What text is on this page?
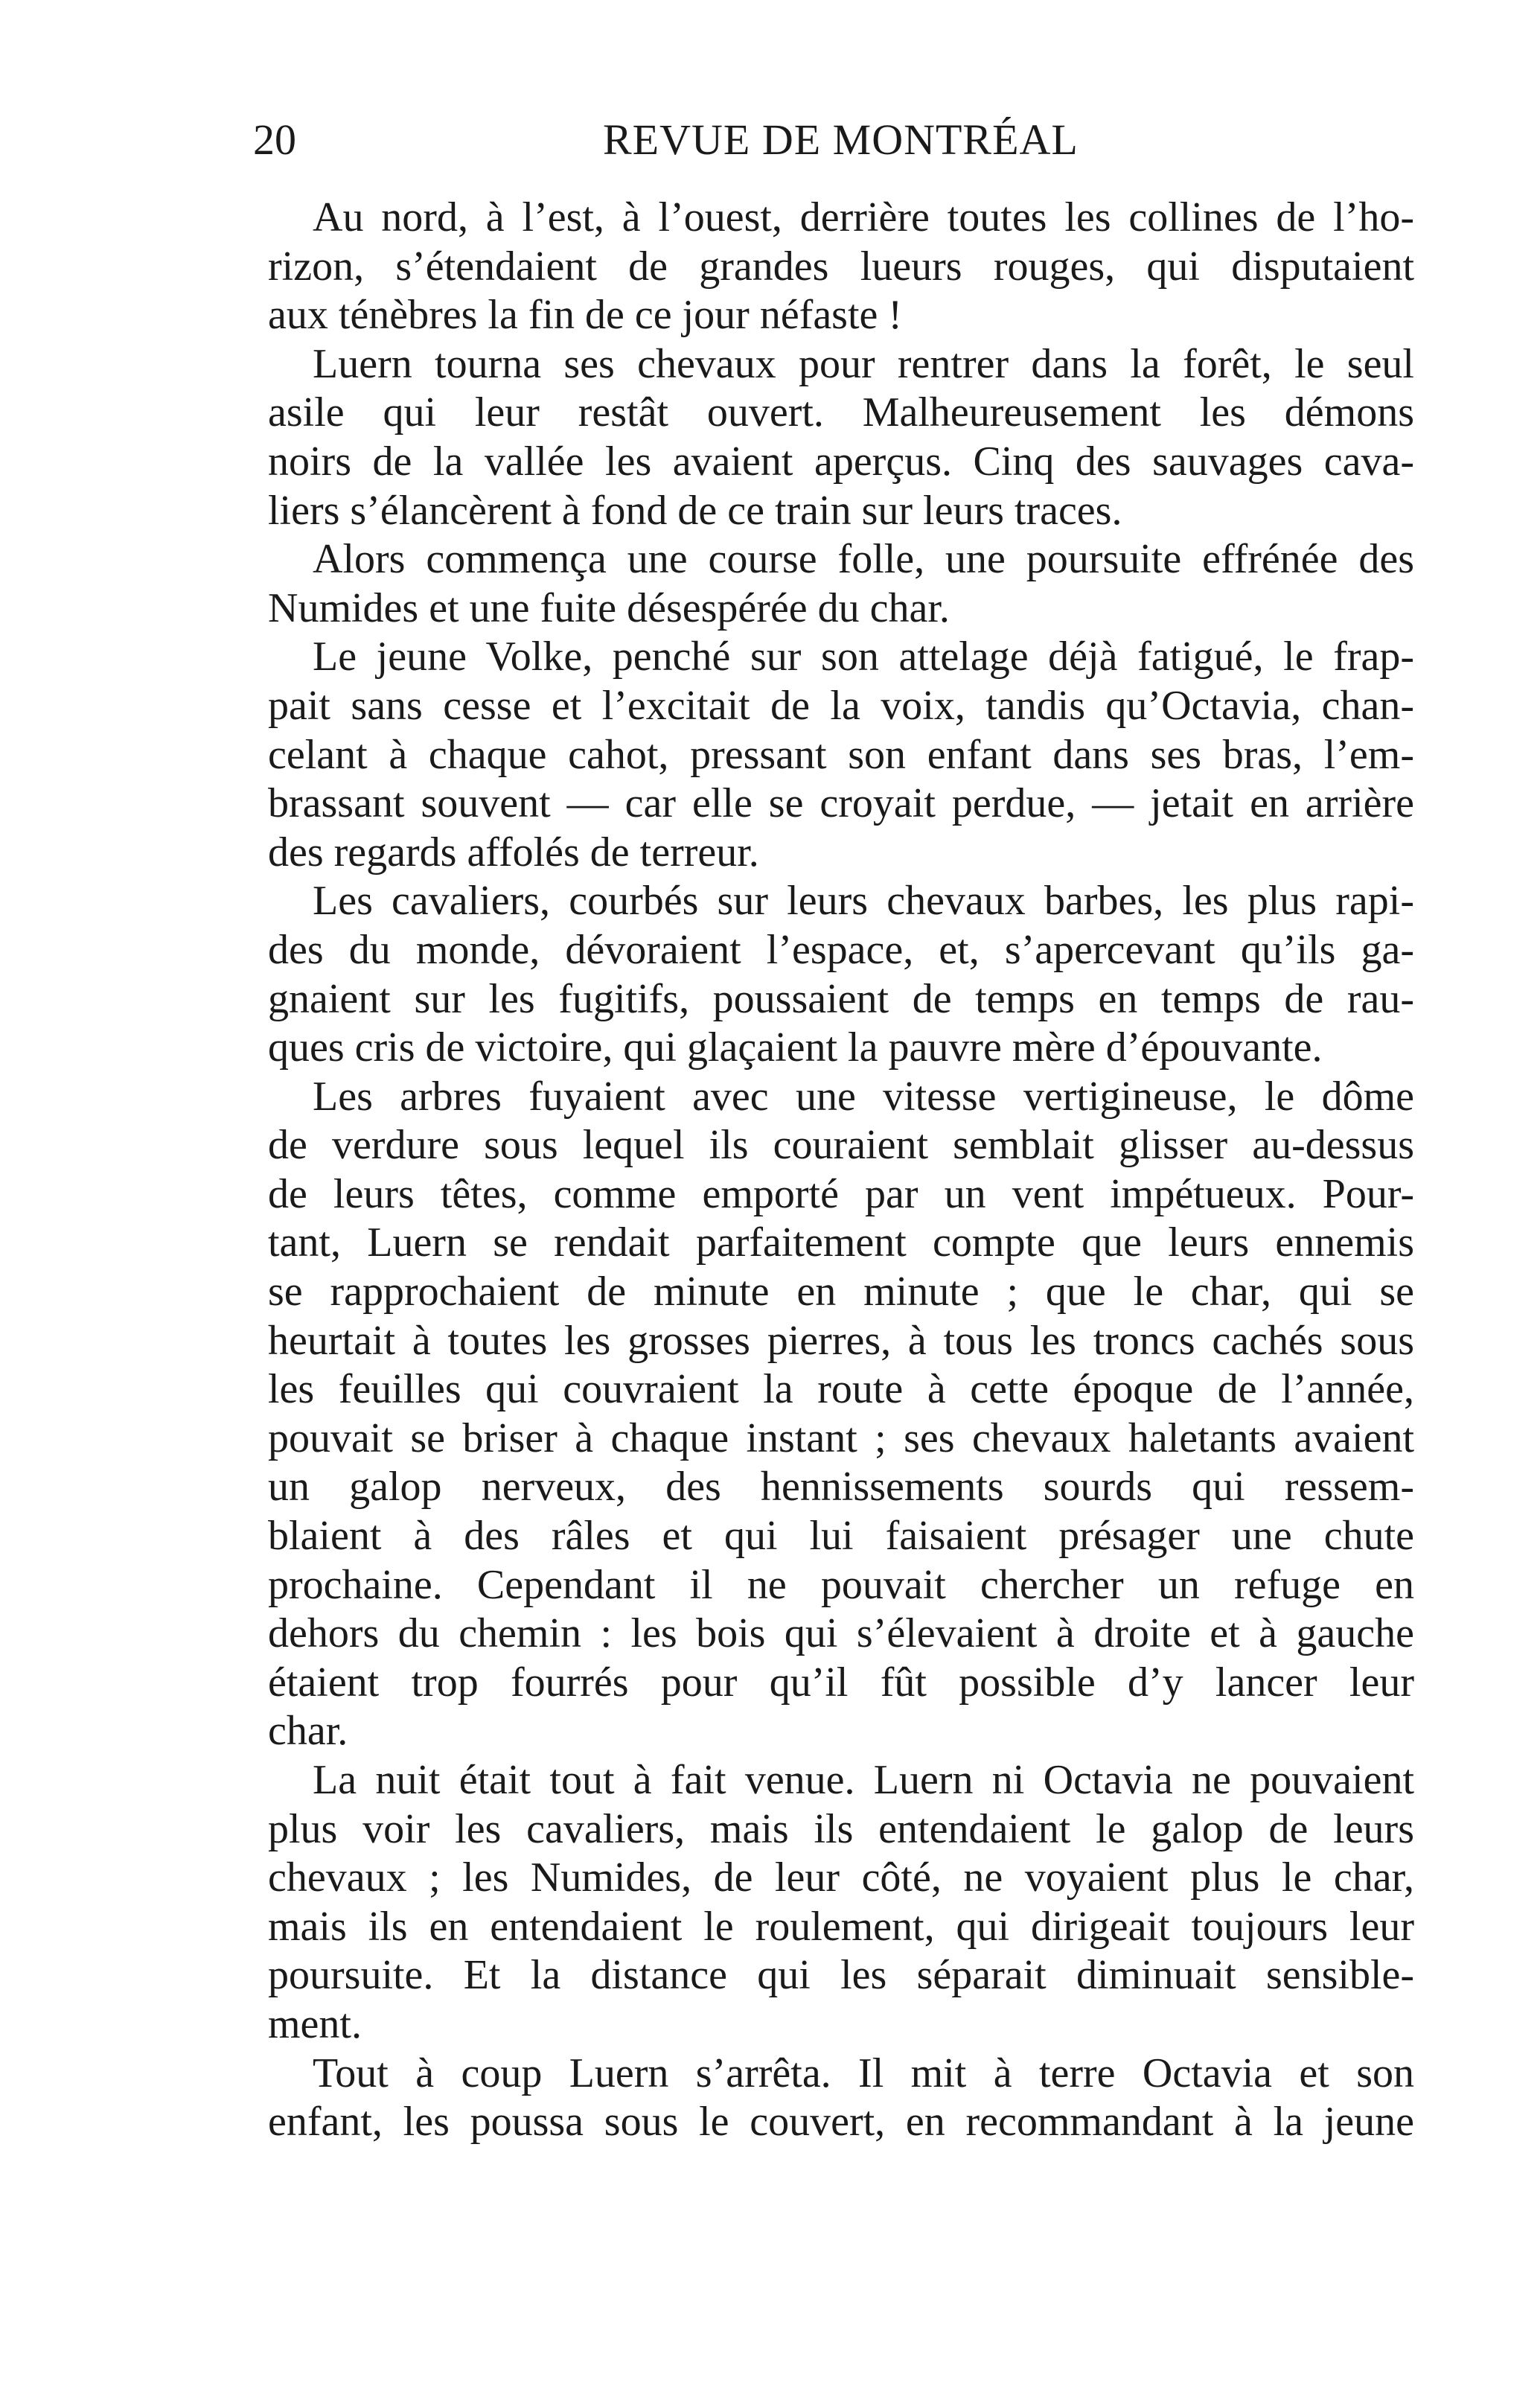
20	REVUE DE MONTRÉAL
Au nord, à l’est, à l’ouest, derrière toutes les collines de l’ho-
rizon, s’étendaient de grandes lueurs rouges, qui disputaient
aux ténèbres la fin de ce jour néfaste !
Luern tourna ses chevaux pour rentrer dans la forêt, le seul
asile qui leur restât ouvert. Malheureusement les démons
noirs de la vallée les avaient aperçus. Cinq des sauvages cava-
liers s’élancèrent à fond de ce train sur leurs traces.
Alors commença une course folle, une poursuite effrénée des
Numides et une fuite désespérée du char.
Le jeune Volke, penché sur son attelage déjà fatigué, le frap-
pait sans cesse et l’excitait de la voix, tandis qu’Octavia, chan-
celant à chaque cahot, pressant son enfant dans ses bras, l’em-
brassant souvent — car elle se croyait perdue, — jetait en arrière
des regards affolés de terreur.
Les cavaliers, courbés sur leurs chevaux barbes, les plus rapi-
des du monde, dévoraient l’espace, et, s’apercevant qu’ils ga-
gnaient sur les fugitifs, poussaient de temps en temps de rau-
ques cris de victoire, qui glaçaient la pauvre mère d’épouvante.
Les arbres fuyaient avec une vitesse vertigineuse, le dôme
de verdure sous lequel ils couraient semblait glisser au-dessus
de leurs têtes, comme emporté par un vent impétueux. Pour-
tant, Luern se rendait parfaitement compte que leurs ennemis
se rapprochaient de minute en minute ; que le char, qui se
heurtait à toutes les grosses pierres, à tous les troncs cachés sous
les feuilles qui couvraient la route à cette époque de l’année,
pouvait se briser à chaque instant ; ses chevaux haletants avaient
un galop nerveux, des hennissements sourds qui ressem-
blaient à des râles et qui lui faisaient présager une chute
prochaine. Cependant il ne pouvait chercher un refuge en
dehors du chemin : les bois qui s’élevaient à droite et à gauche
étaient trop fourrés pour qu’il fût possible d’y lancer leur
char.
La nuit était tout à fait venue. Luern ni Octavia ne pouvaient
plus voir les cavaliers, mais ils entendaient le galop de leurs
chevaux ; les Numides, de leur côté, ne voyaient plus le char,
mais ils en entendaient le roulement, qui dirigeait toujours leur
poursuite. Et la distance qui les séparait diminuait sensible-
ment.
Tout à coup Luern s’arrêta. Il mit à terre Octavia et son
enfant, les poussa sous le couvert, en recommandant à la jeune
